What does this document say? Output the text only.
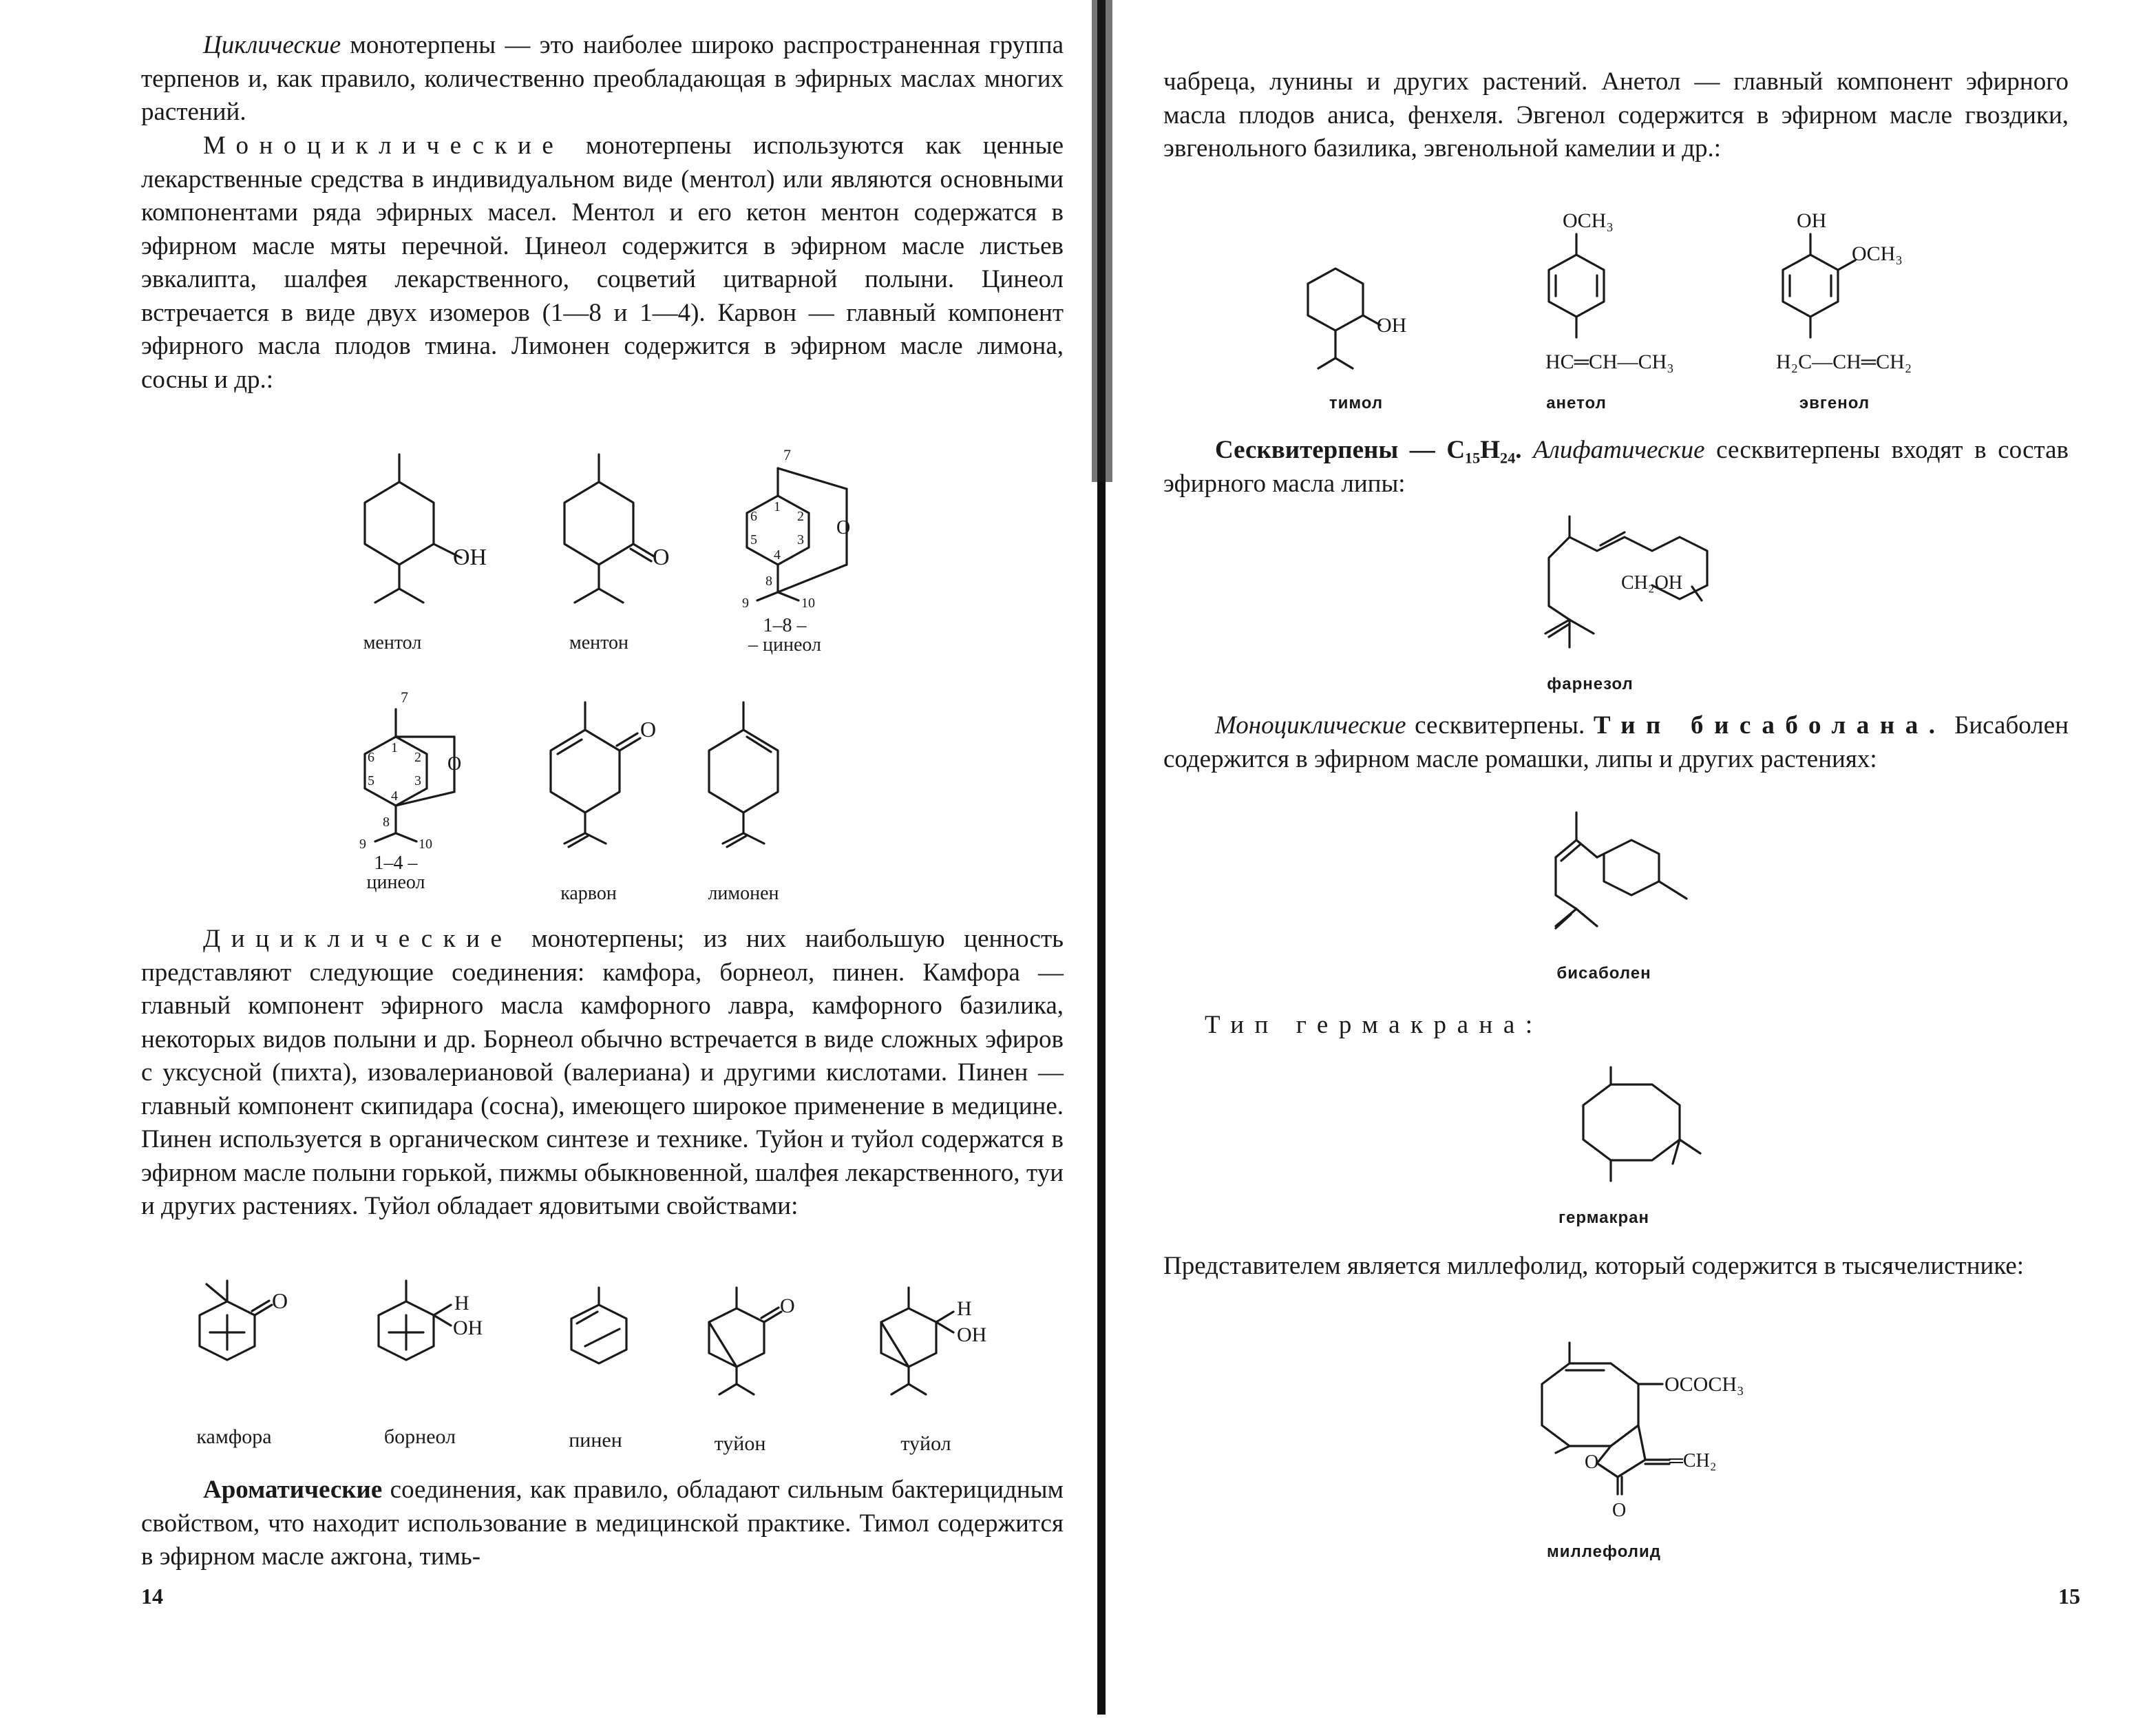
Циклические монотерпены — это наиболее широко распространенная группа терпенов и, как правило, количественно преобладающая в эфирных маслах многих растений.

Моноциклические монотерпены используются как ценные лекарственные средства в индивидуальном виде (ментол) или являются основными компонентами ряда эфирных масел. Ментол и его кетон ментон содержатся в эфирном масле мяты перечной. Цинеол содержится в эфирном масле листьев эвкалипта, шалфея лекарственного, соцветий цитварной полыни. Цинеол встречается в виде двух изомеров (1—8 и 1—4). Карвон — главный компонент эфирного масла плодов тмина. Лимонен содержится в эфирном масле лимона, сосны и др.:

OH	O
O
7
1
2
3
4
5
6
8
9	10
ментол	ментон
1–8 –
– цинеол
O
7
1
2
3
4
5
6
8
9	10
O
1–4 –
цинеол
карвон	лимонен

Дициклические монотерпены; из них наибольшую ценность представляют следующие соединения: камфора, борнеол, пинен. Камфора — главный компонент эфирного масла камфорного лавра, камфорного базилика, некоторых видов полыни и др. Борнеол обычно встречается в виде сложных эфиров с уксусной (пихта), изовалериановой (валериана) и другими кислотами. Пинен — главный компонент скипидара (сосна), имеющего широкое применение в медицине. Пинен используется в органическом синтезе и технике. Туйон и туйол содержатся в эфирном масле полыни горькой, пижмы обыкновенной, шалфея лекарственного, туи и других растениях. Туйол обладает ядовитыми свойствами:

O	H
OH
O	H
OH
камфора	борнеол	пинен	туйон	туйол

Ароматические соединения, как правило, обладают сильным бактерицидным свойством, что находит использование в медицинской практике. Тимол содержится в эфирном масле ажгона, тимь-

14

чабреца, лунины и других растений. Анетол — главный компонент эфирного масла плодов аниса, фенхеля. Эвгенол содержится в эфирном масле гвоздики, эвгенольного базилика, эвгенольной камелии и др.:

OH
OCH₃
HC═CH—CH₃
OH
OCH₃
H₂C—CH═CH₂
тимол	анетол	эвгенол

Сесквитерпены — C₁₅H₂₄. Алифатические сесквитерпены входят в состав эфирного масла липы:

CH₂OH
фарнезол

Моноциклические сесквитерпены. Тип бисаболана. Бисаболен содержится в эфирном масле ромашки, липы и других растениях:

бисаболен

Тип гермакрана:

гермакран

Представителем является миллефолид, который содержится в тысячелистнике:

OCOCH₃
═CH₂
O
O
миллефолид
15
